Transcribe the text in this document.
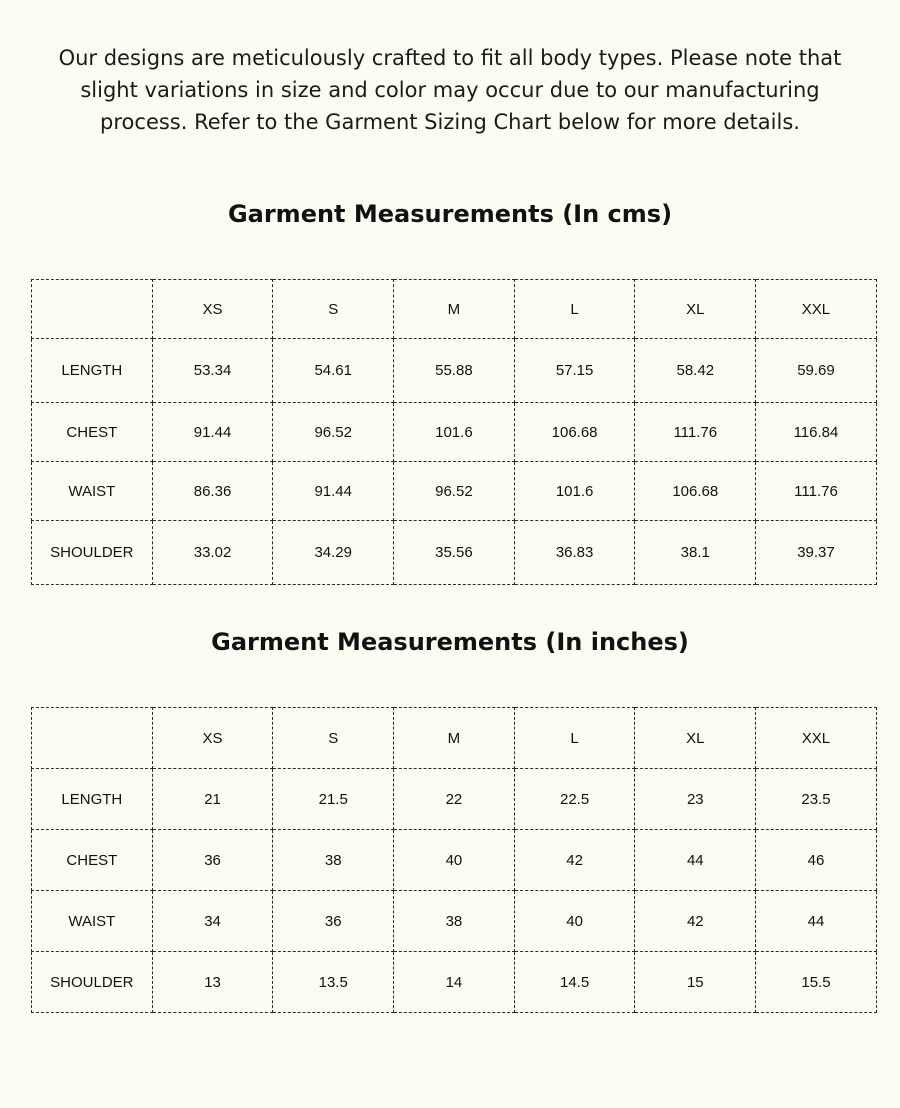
Our designs are meticulously crafted to fit all body types. Please note that slight variations in size and color may occur due to our manufacturing process. Refer to the Garment Sizing Chart below for more details.

Garment Measurements (In cms)
	XS	S	M	L	XL	XXL
LENGTH	53.34	54.61	55.88	57.15	58.42	59.69
CHEST	91.44	96.52	101.6	106.68	111.76	116.84
WAIST	86.36	91.44	96.52	101.6	106.68	111.76
SHOULDER	33.02	34.29	35.56	36.83	38.1	39.37
Garment Measurements (In inches)
	XS	S	M	L	XL	XXL
LENGTH	21	21.5	22	22.5	23	23.5
CHEST	36	38	40	42	44	46
WAIST	34	36	38	40	42	44
SHOULDER	13	13.5	14	14.5	15	15.5
